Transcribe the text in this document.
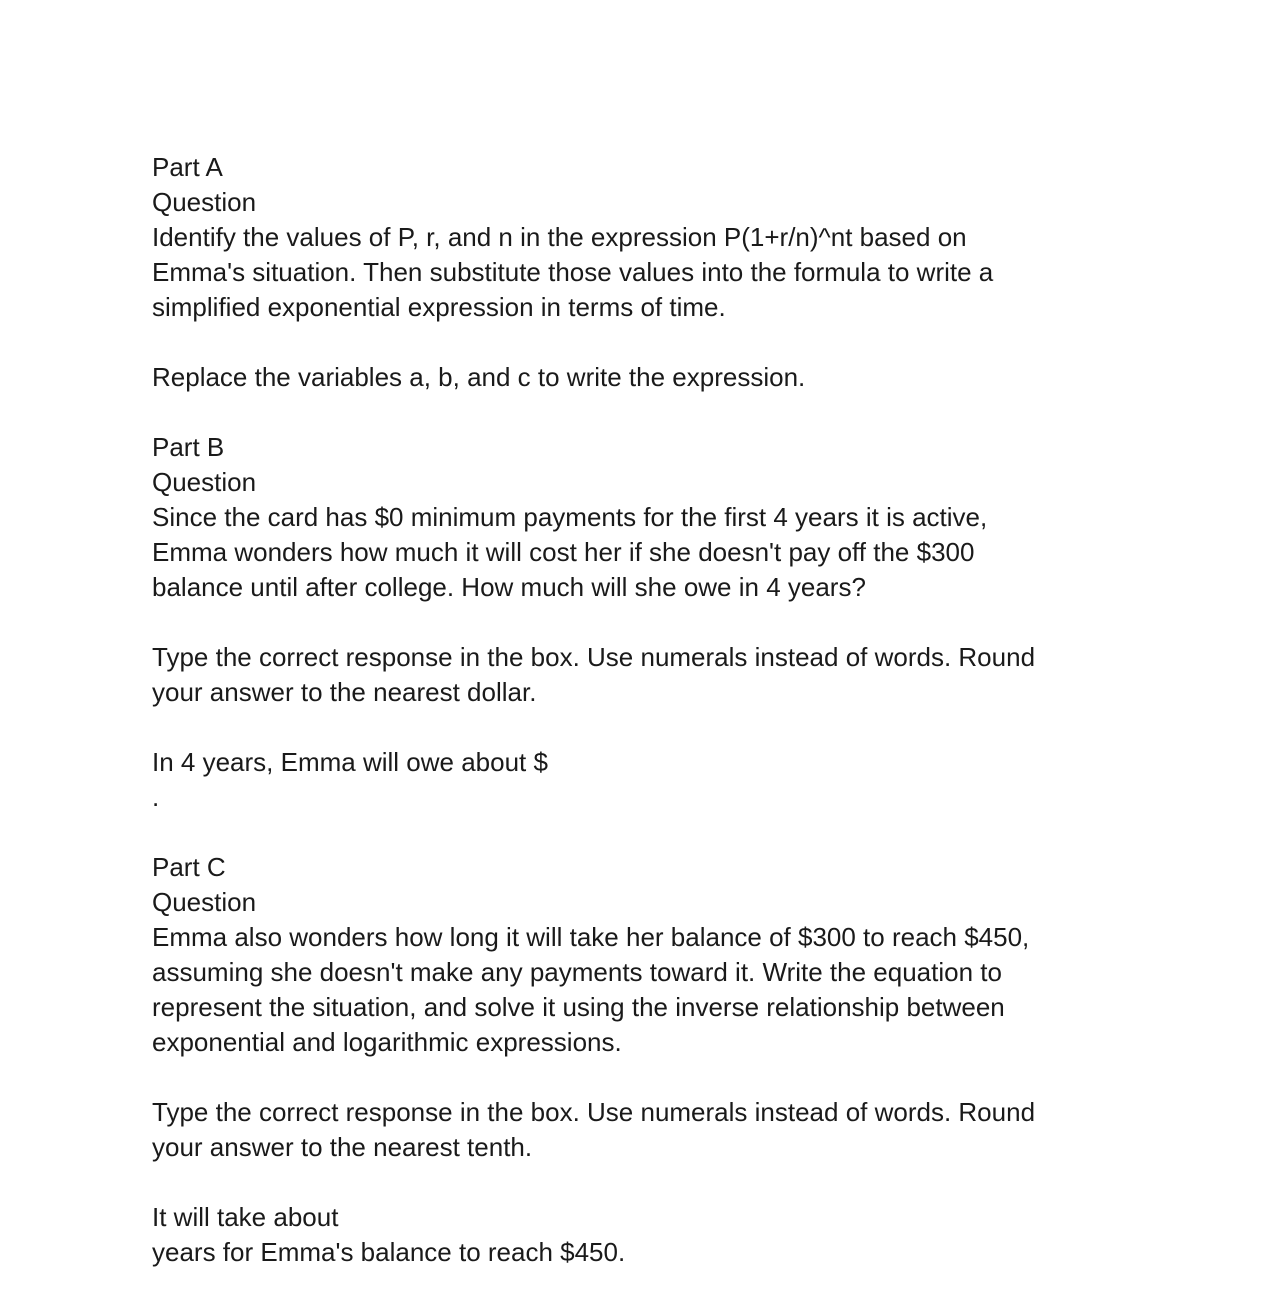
Part A
Question
Identify the values of P, r, and n in the expression P(1+r/n)^nt based on
Emma's situation. Then substitute those values into the formula to write a
simplified exponential expression in terms of time.
Replace the variables a, b, and c to write the expression.
Part B
Question
Since the card has $0 minimum payments for the first 4 years it is active,
Emma wonders how much it will cost her if she doesn't pay off the $300
balance until after college. How much will she owe in 4 years?
Type the correct response in the box. Use numerals instead of words. Round
your answer to the nearest dollar.
In 4 years, Emma will owe about $
.
Part C
Question
Emma also wonders how long it will take her balance of $300 to reach $450,
assuming she doesn't make any payments toward it. Write the equation to
represent the situation, and solve it using the inverse relationship between
exponential and logarithmic expressions.
Type the correct response in the box. Use numerals instead of words. Round
your answer to the nearest tenth.
It will take about
years for Emma's balance to reach $450.
